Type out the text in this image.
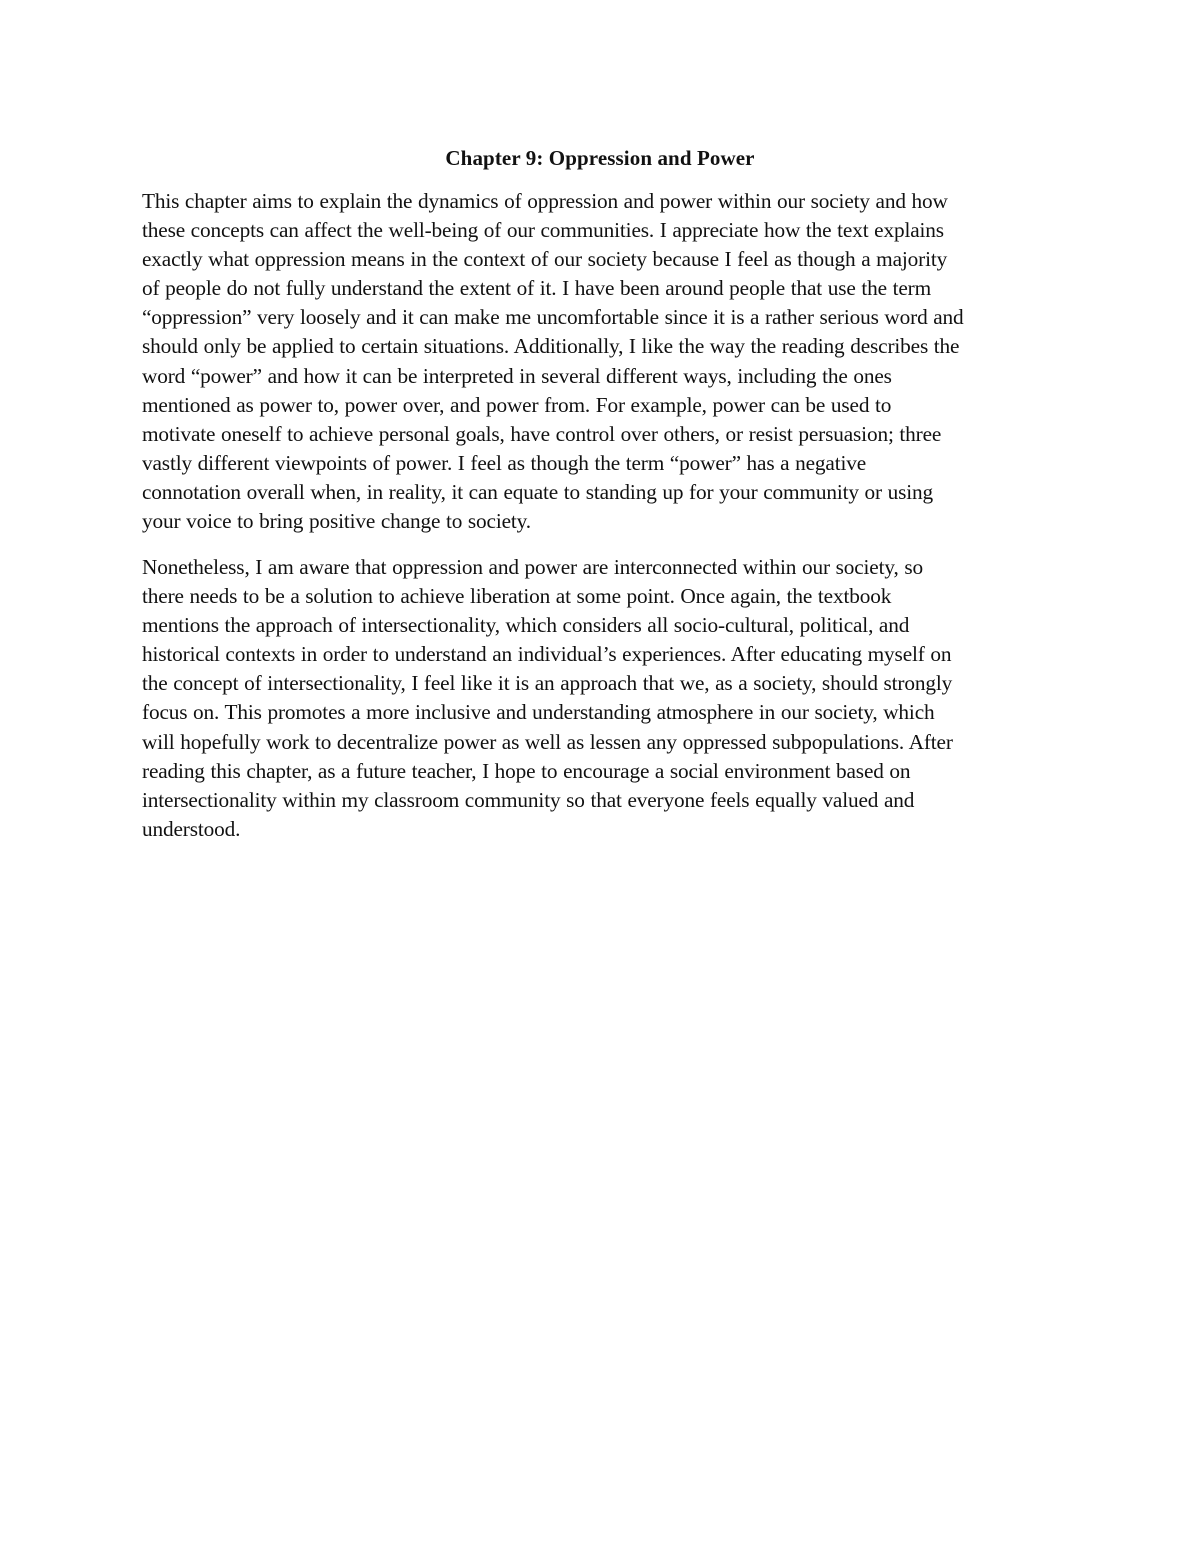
Chapter 9: Oppression and Power

This chapter aims to explain the dynamics of oppression and power within our society and how
these concepts can affect the well-being of our communities. I appreciate how the text explains
exactly what oppression means in the context of our society because I feel as though a majority
of people do not fully understand the extent of it. I have been around people that use the term
“oppression” very loosely and it can make me uncomfortable since it is a rather serious word and
should only be applied to certain situations. Additionally, I like the way the reading describes the
word “power” and how it can be interpreted in several different ways, including the ones
mentioned as power to, power over, and power from. For example, power can be used to
motivate oneself to achieve personal goals, have control over others, or resist persuasion; three
vastly different viewpoints of power. I feel as though the term “power” has a negative
connotation overall when, in reality, it can equate to standing up for your community or using
your voice to bring positive change to society.

Nonetheless, I am aware that oppression and power are interconnected within our society, so
there needs to be a solution to achieve liberation at some point. Once again, the textbook
mentions the approach of intersectionality, which considers all socio-cultural, political, and
historical contexts in order to understand an individual’s experiences. After educating myself on
the concept of intersectionality, I feel like it is an approach that we, as a society, should strongly
focus on. This promotes a more inclusive and understanding atmosphere in our society, which
will hopefully work to decentralize power as well as lessen any oppressed subpopulations. After
reading this chapter, as a future teacher, I hope to encourage a social environment based on
intersectionality within my classroom community so that everyone feels equally valued and
understood.
